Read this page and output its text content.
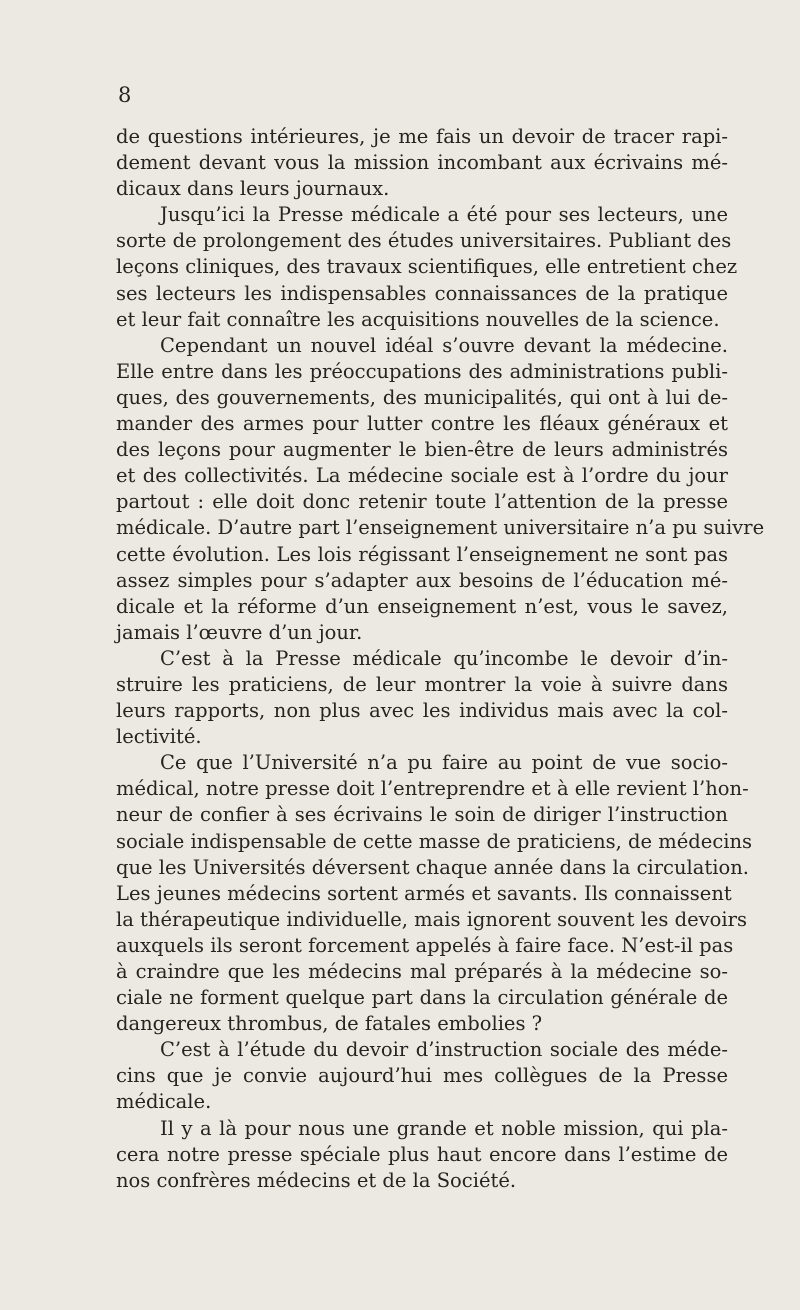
8
de questions intérieures, je me fais un devoir de tracer rapi-
dement devant vous la mission incombant aux écrivains mé-
dicaux dans leurs journaux.
Jusqu’ici la Presse médicale a été pour ses lecteurs, une
sorte de prolongement des études universitaires. Publiant des
leçons cliniques, des travaux scientifiques, elle entretient chez
ses lecteurs les indispensables connaissances de la pratique
et leur fait connaître les acquisitions nouvelles de la science.
Cependant un nouvel idéal s’ouvre devant la médecine.
Elle entre dans les préoccupations des administrations publi-
ques, des gouvernements, des municipalités, qui ont à lui de-
mander des armes pour lutter contre les fléaux généraux et
des leçons pour augmenter le bien-être de leurs administrés
et des collectivités. La médecine sociale est à l’ordre du jour
partout : elle doit donc retenir toute l’attention de la presse
médicale. D’autre part l’enseignement universitaire n’a pu suivre
cette évolution. Les lois régissant l’enseignement ne sont pas
assez simples pour s’adapter aux besoins de l’éducation mé-
dicale et la réforme d’un enseignement n’est, vous le savez,
jamais l’œuvre d’un jour.
C’est à la Presse médicale qu’incombe le devoir d’in-
struire les praticiens, de leur montrer la voie à suivre dans
leurs rapports, non plus avec les individus mais avec la col-
lectivité.
Ce que l’Université n’a pu faire au point de vue socio-
médical, notre presse doit l’entreprendre et à elle revient l’hon-
neur de confier à ses écrivains le soin de diriger l’instruction
sociale indispensable de cette masse de praticiens, de médecins
que les Universités déversent chaque année dans la circulation.
Les jeunes médecins sortent armés et savants. Ils connaissent
la thérapeutique individuelle, mais ignorent souvent les devoirs
auxquels ils seront forcement appelés à faire face. N’est-il pas
à craindre que les médecins mal préparés à la médecine so-
ciale ne forment quelque part dans la circulation générale de
dangereux thrombus, de fatales embolies ?
C’est à l’étude du devoir d’instruction sociale des méde-
cins que je convie aujourd’hui mes collègues de la Presse
médicale.
Il y a là pour nous une grande et noble mission, qui pla-
cera notre presse spéciale plus haut encore dans l’estime de
nos confrères médecins et de la Société.
